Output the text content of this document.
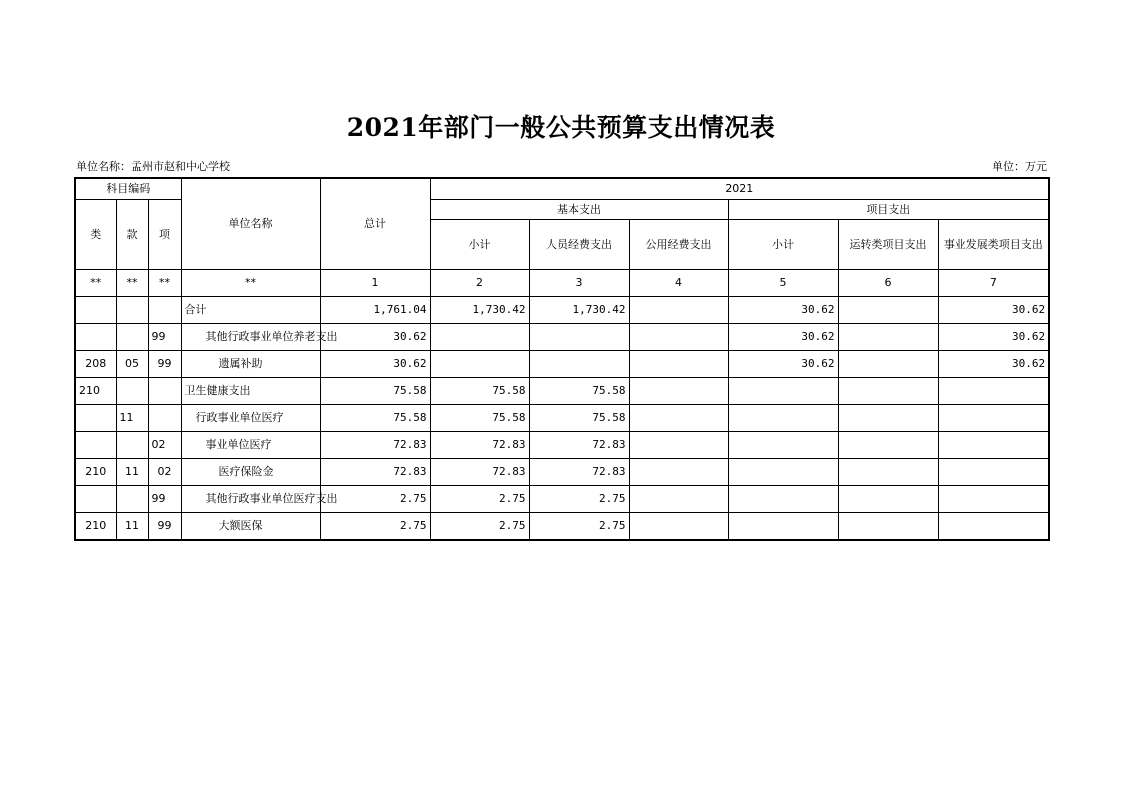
2021年部门一般公共预算支出情况表
单位名称：孟州市赵和中心学校	单位：万元
科目编码			单位名称	总计	2021					
类	款	项			基本支出			项目支出		
					小计	人员经费支出	公用经费支出	小计	运转类项目支出	事业发展类项目支出
**	**	**	**	1	2	3	4	5	6	7
			合计	1,761.04	1,730.42	1,730.42		30.62		30.62
		99	其他行政事业单位养老支出	30.62				30.62		30.62
208	05	99	遗属补助	30.62				30.62		30.62
210			卫生健康支出	75.58	75.58	75.58				
	11		行政事业单位医疗	75.58	75.58	75.58				
		02	事业单位医疗	72.83	72.83	72.83				
210	11	02	医疗保险金	72.83	72.83	72.83				
		99	其他行政事业单位医疗支出	2.75	2.75	2.75				
210	11	99	大额医保	2.75	2.75	2.75				
